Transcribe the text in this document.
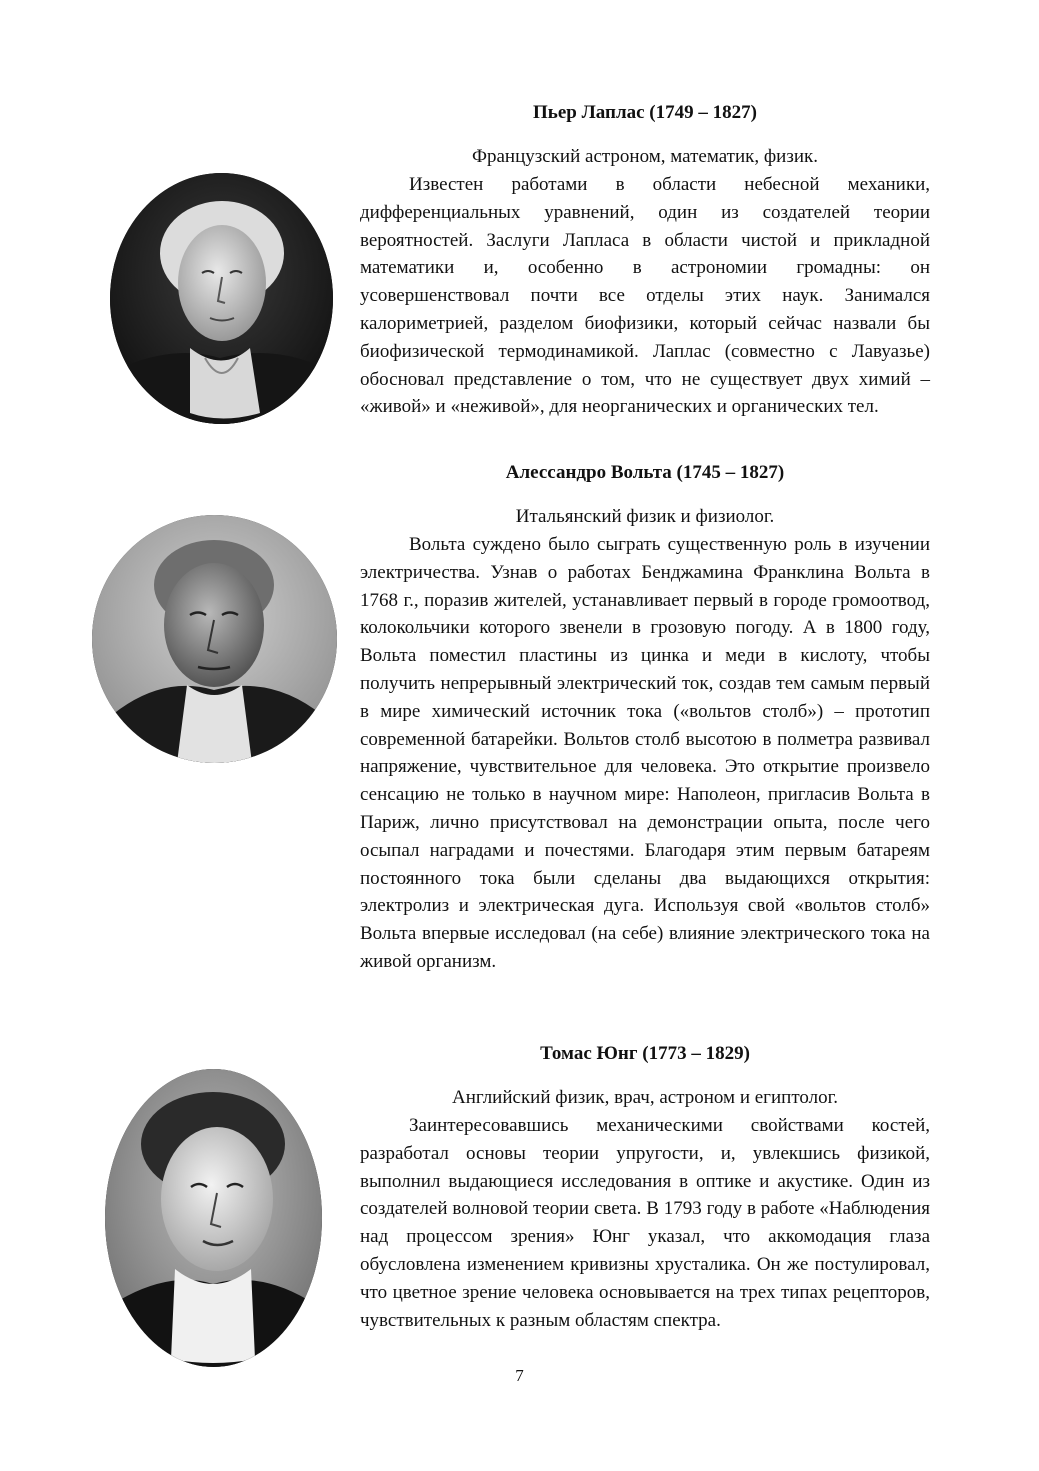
Пьер Лаплас (1749 – 1827)

Французский астроном, математик, физик.

Известен работами в области небесной механики, дифференциальных уравнений, один из создателей теории вероятностей. Заслуги Лапласа в области чистой и прикладной математики и, особенно в астрономии громадны: он усовершенствовал почти все отделы этих наук. Занимался калориметрией, разделом биофизики, который сейчас назвали бы биофизической термодинамикой. Лаплас (совместно с Лавуазье) обосновал представление о том, что не существует двух химий – «живой» и «неживой», для неорганических и органических тел.

Алессандро Вольта (1745 – 1827)

Итальянский физик и физиолог.

Вольта суждено было сыграть существенную роль в изучении электричества. Узнав о работах Бенджамина Франклина Вольта в 1768 г., поразив жителей, устанавливает первый в городе громоотвод, колокольчики которого звенели в грозовую погоду. А в 1800 году, Вольта поместил пластины из цинка и меди в кислоту, чтобы получить непрерывный электрический ток, создав тем самым первый в мире химический источник тока («вольтов столб») – прототип современной батарейки. Вольтов столб высотою в полметра развивал напряжение, чувствительное для человека. Это открытие произвело сенсацию не только в научном мире: Наполеон, пригласив Вольта в Париж, лично присутствовал на демонстрации опыта, после чего осыпал наградами и почестями. Благодаря этим первым батареям постоянного тока были сделаны два выдающихся открытия: электролиз и электрическая дуга. Используя свой «вольтов столб» Вольта впервые исследовал (на себе) влияние электрического тока на живой организм.

Томас Юнг (1773 – 1829)

Английский физик, врач, астроном и египтолог.

Заинтересовавшись механическими свойствами костей, разработал основы теории упругости, и, увлекшись физикой, выполнил выдающиеся исследования в оптике и акустике. Один из создателей волновой теории света. В 1793 году в работе «Наблюдения над процессом зрения» Юнг указал, что аккомодация глаза обусловлена изменением кривизны хрусталика. Он же постулировал, что цветное зрение человека основывается на трех типах рецепторов, чувствительных к разным областям спектра.

7
